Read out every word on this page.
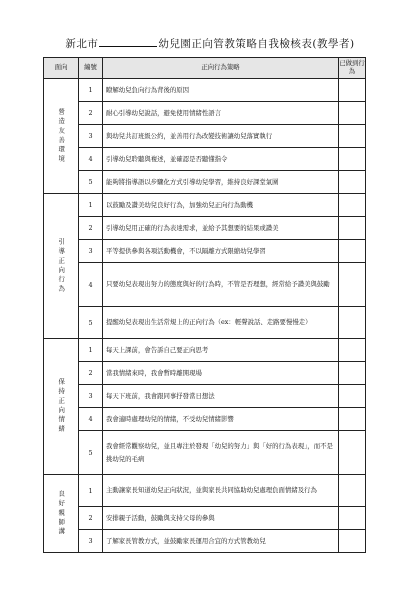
新北市	幼兒園正向管教策略自我檢核表(教學者)
面向	編號	正向行為策略	已做到行為

營造友善環境	1	瞭解幼兒負向行為背後的原因	
	2	耐心引導幼兒說話，避免使用情緒性語言	
	3	與幼兒共訂班級公約，並善用行為改變技術讓幼兒落實執行	
	4	引導幼兒聆聽與複述，並確認是否聽懂指令	
	5	能夠將指導語以步驟化方式引導幼兒學習，維持良好課堂氣圍	

引導正向行為	1	以鼓勵及讚美幼兒良好行為，加強幼兒正向行為動機	
	2	引導幼兒用正確的行為表達需求，並給予其想要的結果或讚美	
	3	平等提供參與各項活動機會，不以隔離方式限縮幼兒學習	
	4	只要幼兒表現出努力的態度與好的行為時，不管是否理想，經常給予讚美與鼓勵	
	5	提醒幼兒表現出生活常規上的正向行為（ex：輕聲說話、走路要慢慢走）	

保持正向情緒	1	每天上課前，會告訴自己要正向思考	
	2	當我情緒來時，我會暫時離開現場	
	3	每天下班前，我會跟同事抒發當日想法	
	4	我會適時處理幼兒的情緒，不受幼兒情緒影響	
	5	我會經常觀察幼兒，並且專注於發現「幼兒的努力」與「好的行為表現」，而不是挑幼兒的毛病	

良好親師溝	1	主動讓家長知道幼兒正向狀況，並與家長共同協助幼兒處理負面情緒及行為	
	2	安排親子活動，鼓勵與支持父母的參與	
	3	了解家長管教方式，並鼓勵家長運用合宜的方式管教幼兒	
